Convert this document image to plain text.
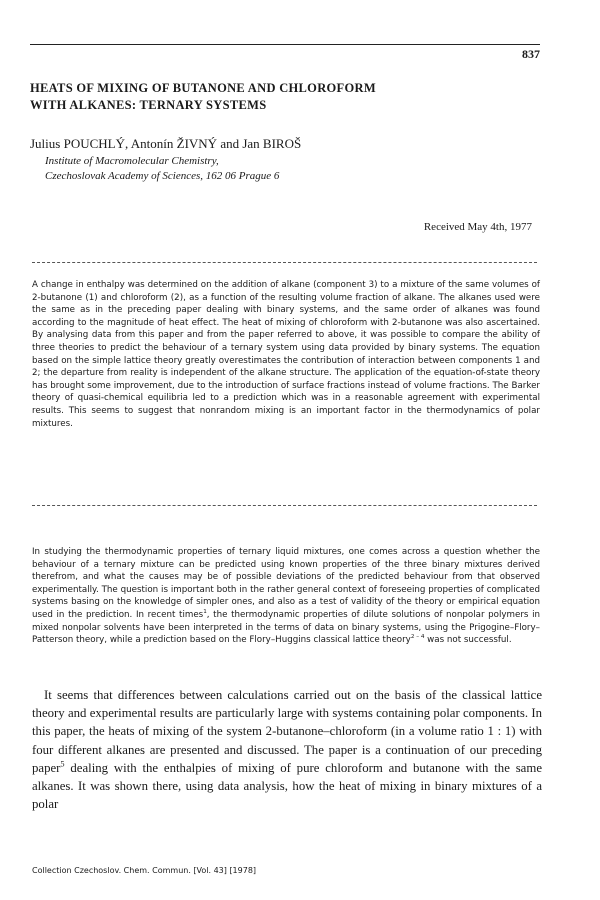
837
HEATS OF MIXING OF BUTANONE AND CHLOROFORM
WITH ALKANES: TERNARY SYSTEMS
Julius POUCHLÝ, Antonín ŽIVNÝ and Jan BIROŠ
Institute of Macromolecular Chemistry,
Czechoslovak Academy of Sciences, 162 06 Prague 6
Received May 4th, 1977
A change in enthalpy was determined on the addition of alkane (component 3) to a mixture of the same volumes of 2-butanone (1) and chloroform (2), as a function of the resulting volume fraction of alkane. The alkanes used were the same as in the preceding paper dealing with binary systems, and the same order of alkanes was found according to the magnitude of heat effect. The heat of mixing of chloroform with 2-butanone was also ascertained. By analysing data from this paper and from the paper referred to above, it was possible to compare the ability of three theories to predict the behaviour of a ternary system using data provided by binary systems. The equation based on the simple lattice theory greatly overestimates the contribution of interaction between components 1 and 2; the departure from reality is independent of the alkane structure. The application of the equation-of-state theory has brought some improvement, due to the introduction of surface fractions instead of volume fractions. The Barker theory of quasi-chemical equilibria led to a prediction which was in a reasonable agreement with experimental results. This seems to suggest that nonrandom mixing is an important factor in the thermodynamics of polar mixtures.
In studying the thermodynamic properties of ternary liquid mixtures, one comes across a question whether the behaviour of a ternary mixture can be predicted using known properties of the three binary mixtures derived therefrom, and what the causes may be of possible deviations of the predicted behaviour from that observed experimentally. The question is important both in the rather general context of foreseeing properties of complicated systems basing on the knowledge of simpler ones, and also as a test of validity of the theory or empirical equation used in the prediction. In recent times$^1$, the thermodynamic properties of dilute solutions of nonpolar polymers in mixed nonpolar solvents have been interpreted in the terms of data on binary systems, using the Prigogine–Flory–Patterson theory, while a prediction based on the Flory–Huggins classical lattice theory$^{2 - 4}$ was not successful.

It seems that differences between calculations carried out on the basis of the classical lattice theory and experimental results are particularly large with systems containing polar components. In this paper, the heats of mixing of the system 2-butanone–chloroform (in a volume ratio 1 : 1) with four different alkanes are presented and discussed. The paper is a continuation of our preceding paper$^5$ dealing with the enthalpies of mixing of pure chloroform and butanone with the same alkanes. It was shown there, using data analysis, how the heat of mixing in binary mixtures of a polar

Collection Czechoslov. Chem. Commun. [Vol. 43] [1978]
